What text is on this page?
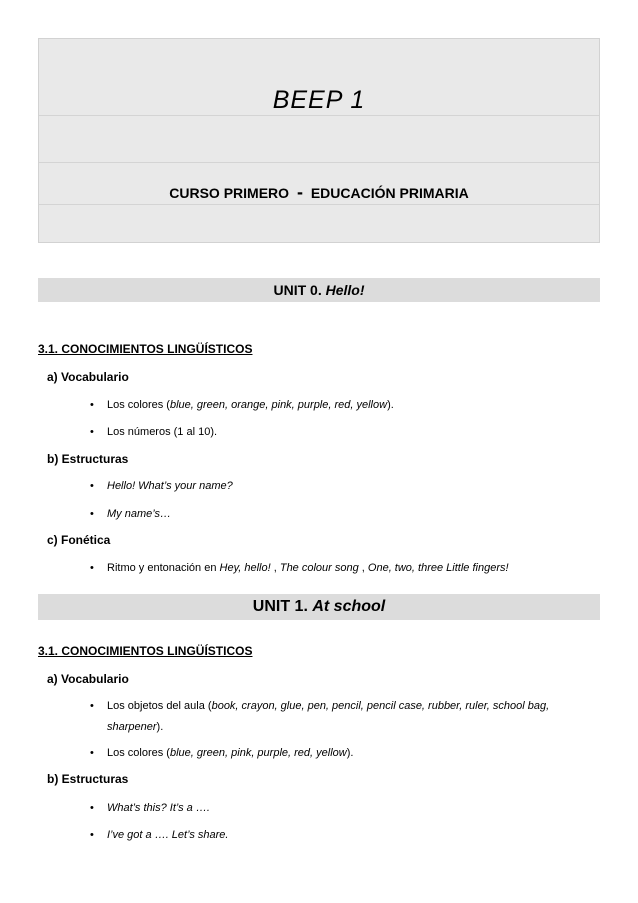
BEEP 1
CURSO PRIMERO - EDUCACIÓN PRIMARIA
UNIT 0. Hello!
3.1. CONOCIMIENTOS LINGÜÍSTICOS
a) Vocabulario
• Los colores (blue, green, orange, pink, purple, red, yellow).
• Los números (1 al 10).
b) Estructuras
• Hello! What’s your name?
• My name’s…
c) Fonética
• Ritmo y entonación en Hey, hello! , The colour song , One, two, three Little fingers!
UNIT 1. At school
3.1. CONOCIMIENTOS LINGÜÍSTICOS
a) Vocabulario
• Los objetos del aula (book, crayon, glue, pen, pencil, pencil case, rubber, ruler, school bag,
sharpener).
• Los colores (blue, green, pink, purple, red, yellow).
b) Estructuras
• What’s this? It’s a ….
• I’ve got a …. Let’s share.
